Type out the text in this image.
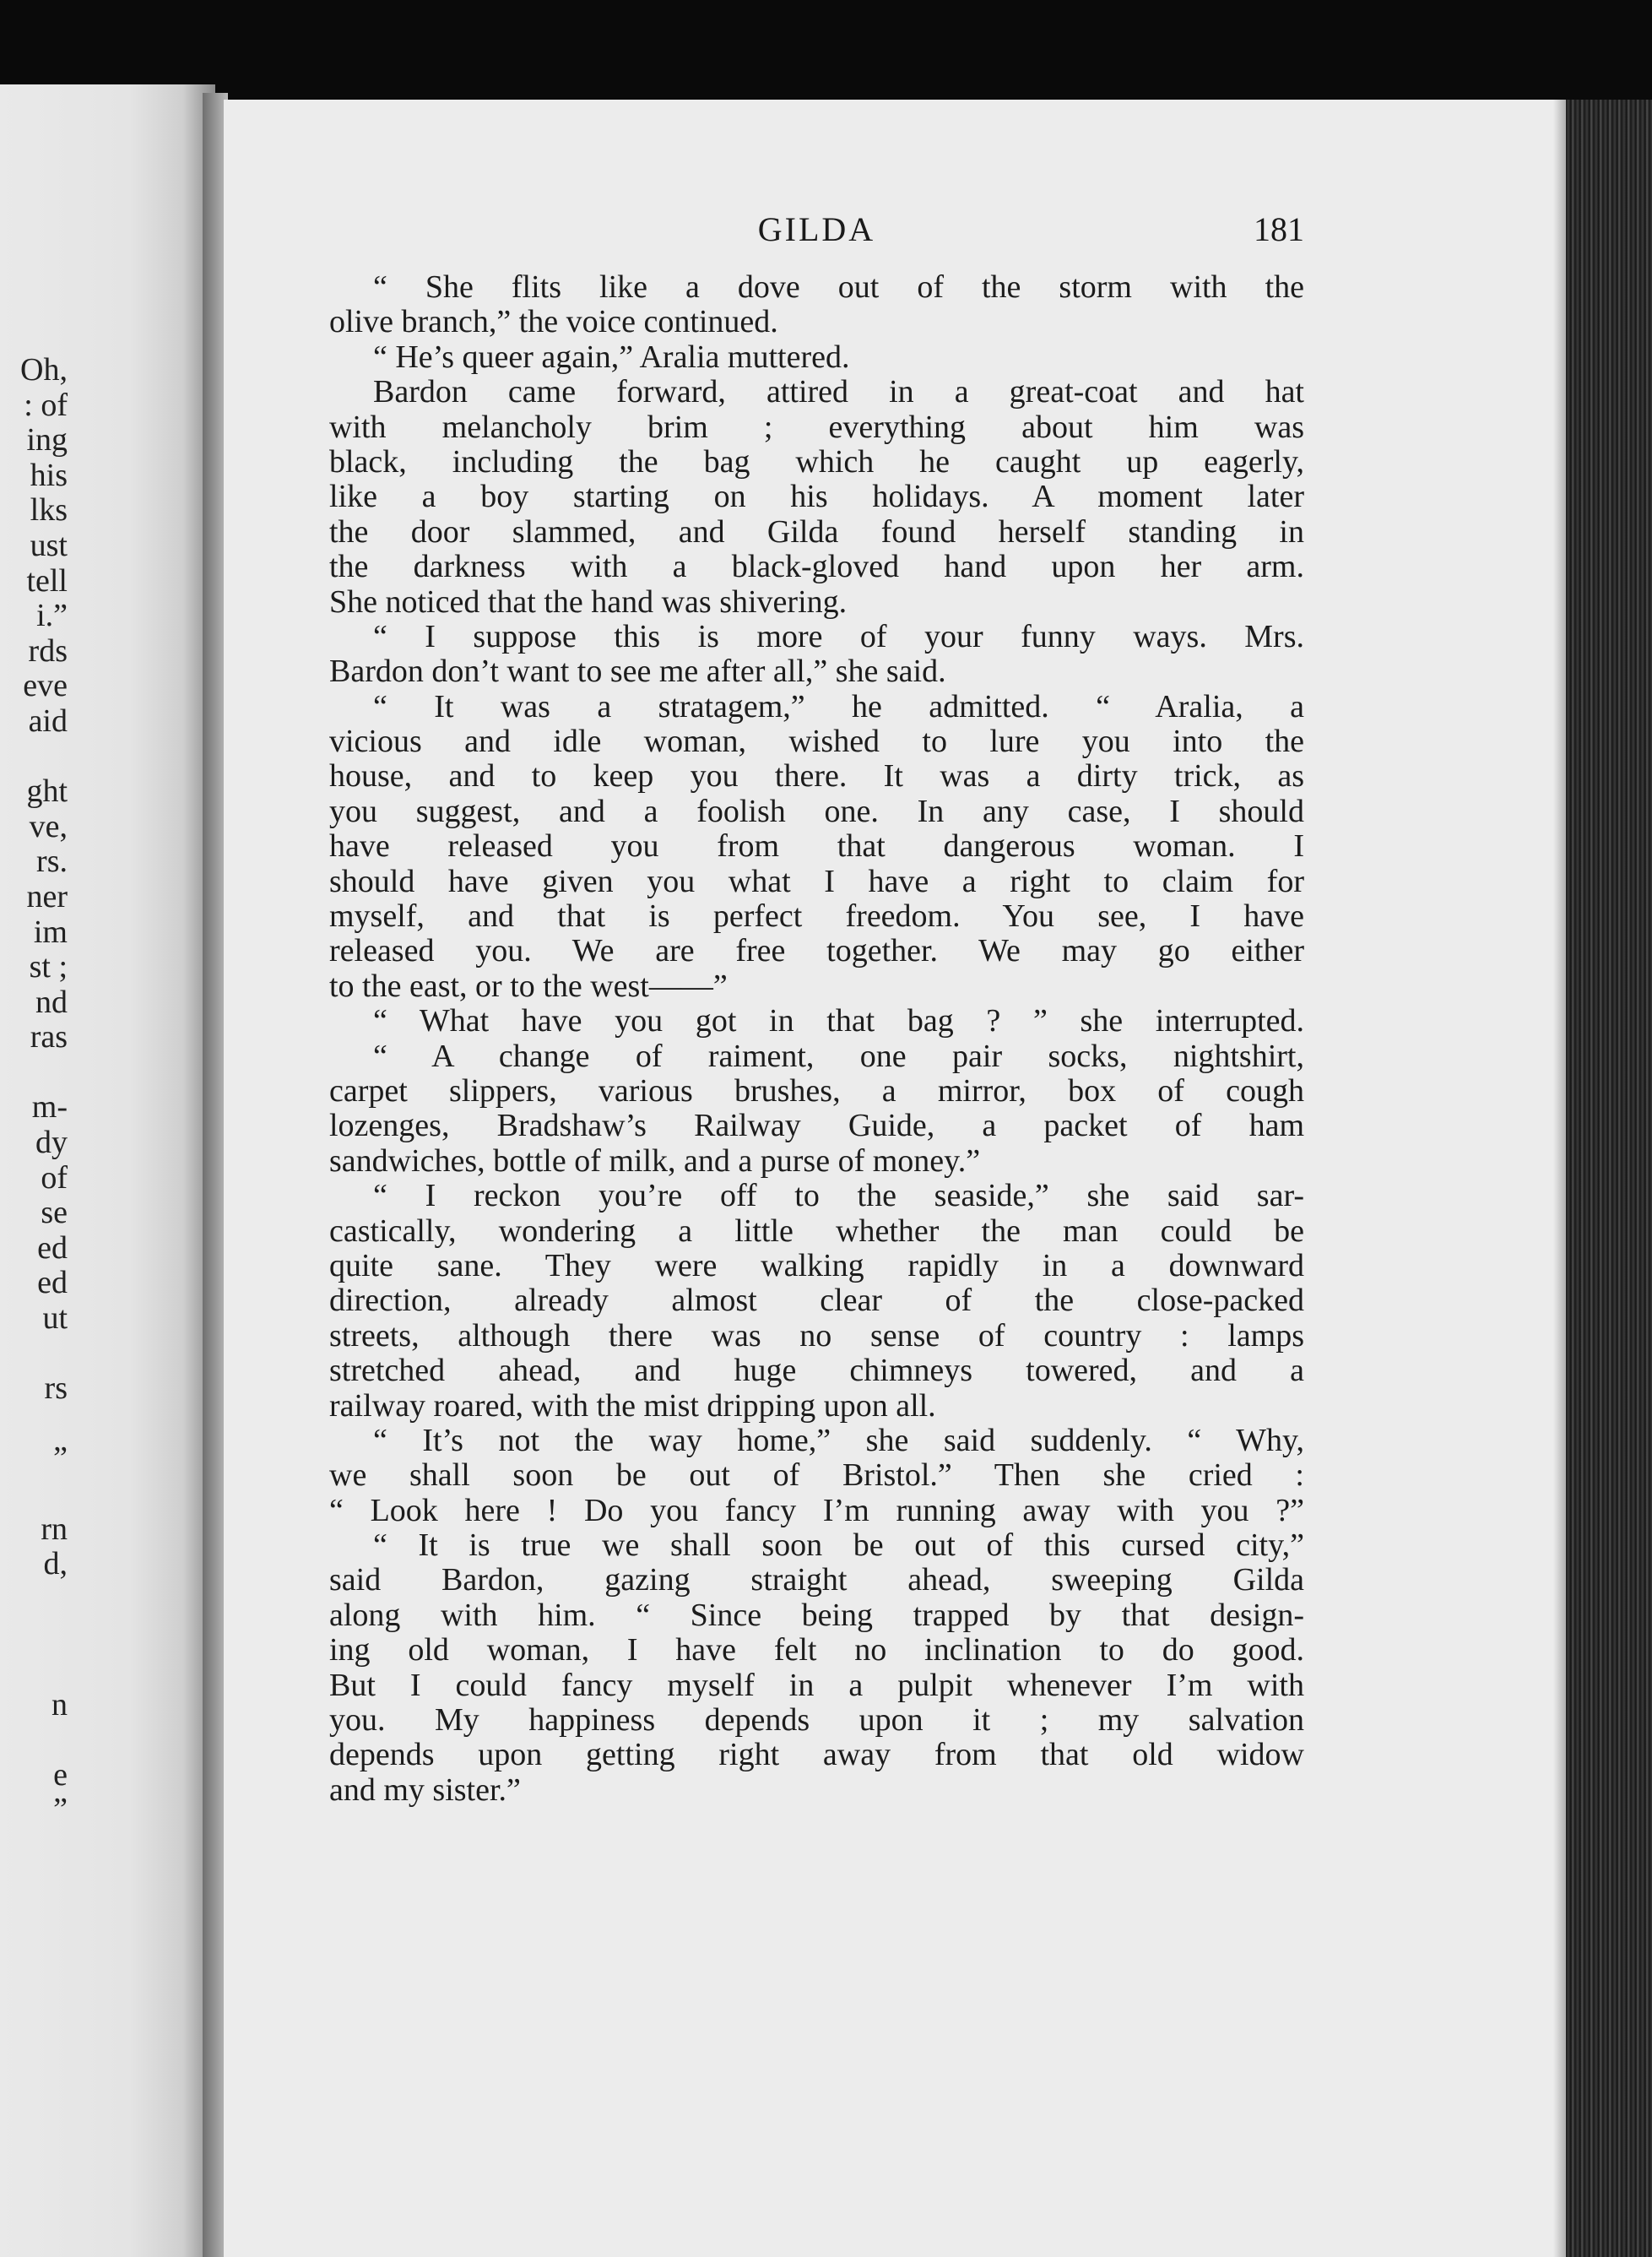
Oh,
: of
ing
his
lks
ust
tell
i.”
rds
eve
aid
ght
ve,
rs.
ner
im
st ;
nd
ras
m-
dy
of
se
ed
ed
ut
rs
”
rn
d,
n
e
”
GILDA	181
“ She flits like a dove out of the storm with the
olive branch,” the voice continued.
“ He’s queer again,” Aralia muttered.
Bardon came forward, attired in a great-coat and hat
with melancholy brim ; everything about him was
black, including the bag which he caught up eagerly,
like a boy starting on his holidays. A moment later
the door slammed, and Gilda found herself standing in
the darkness with a black-gloved hand upon her arm.
She noticed that the hand was shivering.
“ I suppose this is more of your funny ways. Mrs.
Bardon don’t want to see me after all,” she said.
“ It was a stratagem,” he admitted. “ Aralia, a
vicious and idle woman, wished to lure you into the
house, and to keep you there. It was a dirty trick, as
you suggest, and a foolish one. In any case, I should
have released you from that dangerous woman. I
should have given you what I have a right to claim for
myself, and that is perfect freedom. You see, I have
released you. We are free together. We may go either
to the east, or to the west——”
“ What have you got in that bag ? ” she interrupted.
“ A change of raiment, one pair socks, nightshirt,
carpet slippers, various brushes, a mirror, box of cough
lozenges, Bradshaw’s Railway Guide, a packet of ham
sandwiches, bottle of milk, and a purse of money.”
“ I reckon you’re off to the seaside,” she said sar-
castically, wondering a little whether the man could be
quite sane. They were walking rapidly in a downward
direction, already almost clear of the close-packed
streets, although there was no sense of country : lamps
stretched ahead, and huge chimneys towered, and a
railway roared, with the mist dripping upon all.
“ It’s not the way home,” she said suddenly. “ Why,
we shall soon be out of Bristol.” Then she cried :
“ Look here ! Do you fancy I’m running away with you ?”
“ It is true we shall soon be out of this cursed city,”
said Bardon, gazing straight ahead, sweeping Gilda
along with him. “ Since being trapped by that design-
ing old woman, I have felt no inclination to do good.
But I could fancy myself in a pulpit whenever I’m with
you. My happiness depends upon it ; my salvation
depends upon getting right away from that old widow
and my sister.”
